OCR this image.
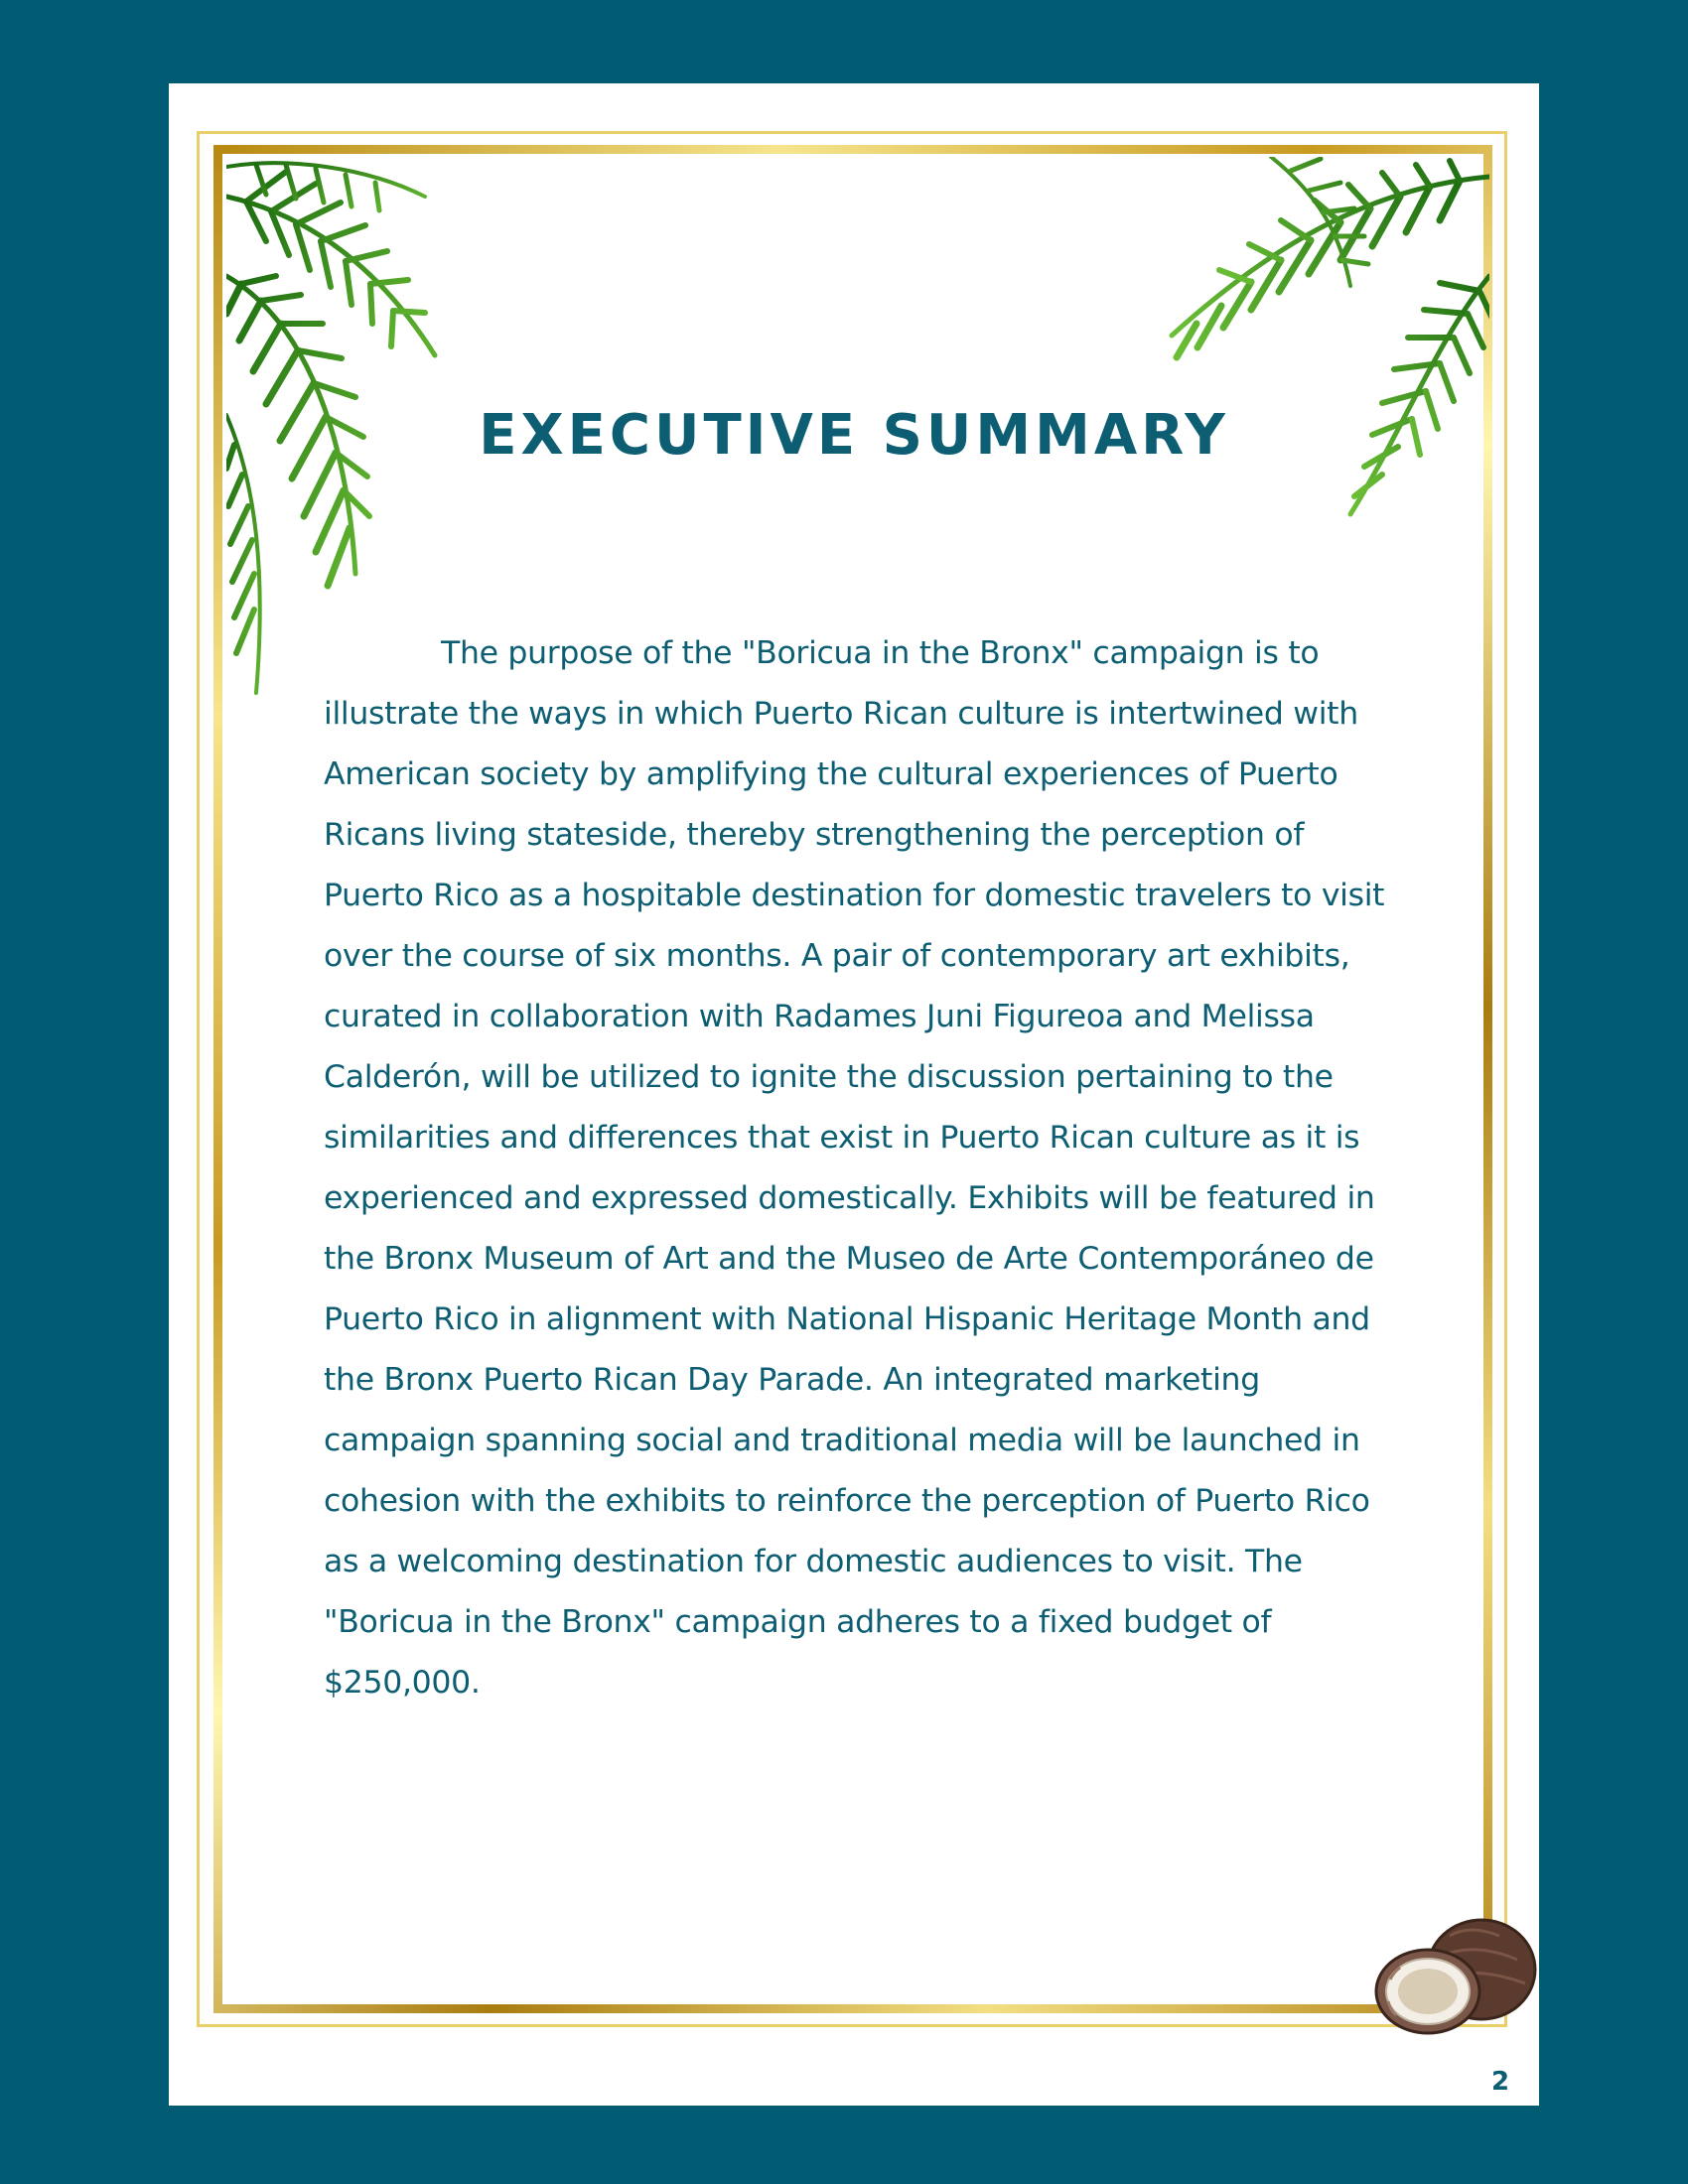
EXECUTIVE SUMMARY

The purpose of the "Boricua in the Bronx" campaign is to illustrate the ways in which Puerto Rican culture is intertwined with American society by amplifying the cultural experiences of Puerto Ricans living stateside, thereby strengthening the perception of Puerto Rico as a hospitable destination for domestic travelers to visit over the course of six months. A pair of contemporary art exhibits, curated in collaboration with Radames Juni Figureoa and Melissa Calderón, will be utilized to ignite the discussion pertaining to the similarities and differences that exist in Puerto Rican culture as it is experienced and expressed domestically. Exhibits will be featured in the Bronx Museum of Art and the Museo de Arte Contemporáneo de Puerto Rico in alignment with National Hispanic Heritage Month and the Bronx Puerto Rican Day Parade. An integrated marketing campaign spanning social and traditional media will be launched in cohesion with the exhibits to reinforce the perception of Puerto Rico as a welcoming destination for domestic audiences to visit. The "Boricua in the Bronx" campaign adheres to a fixed budget of $250,000.

2
